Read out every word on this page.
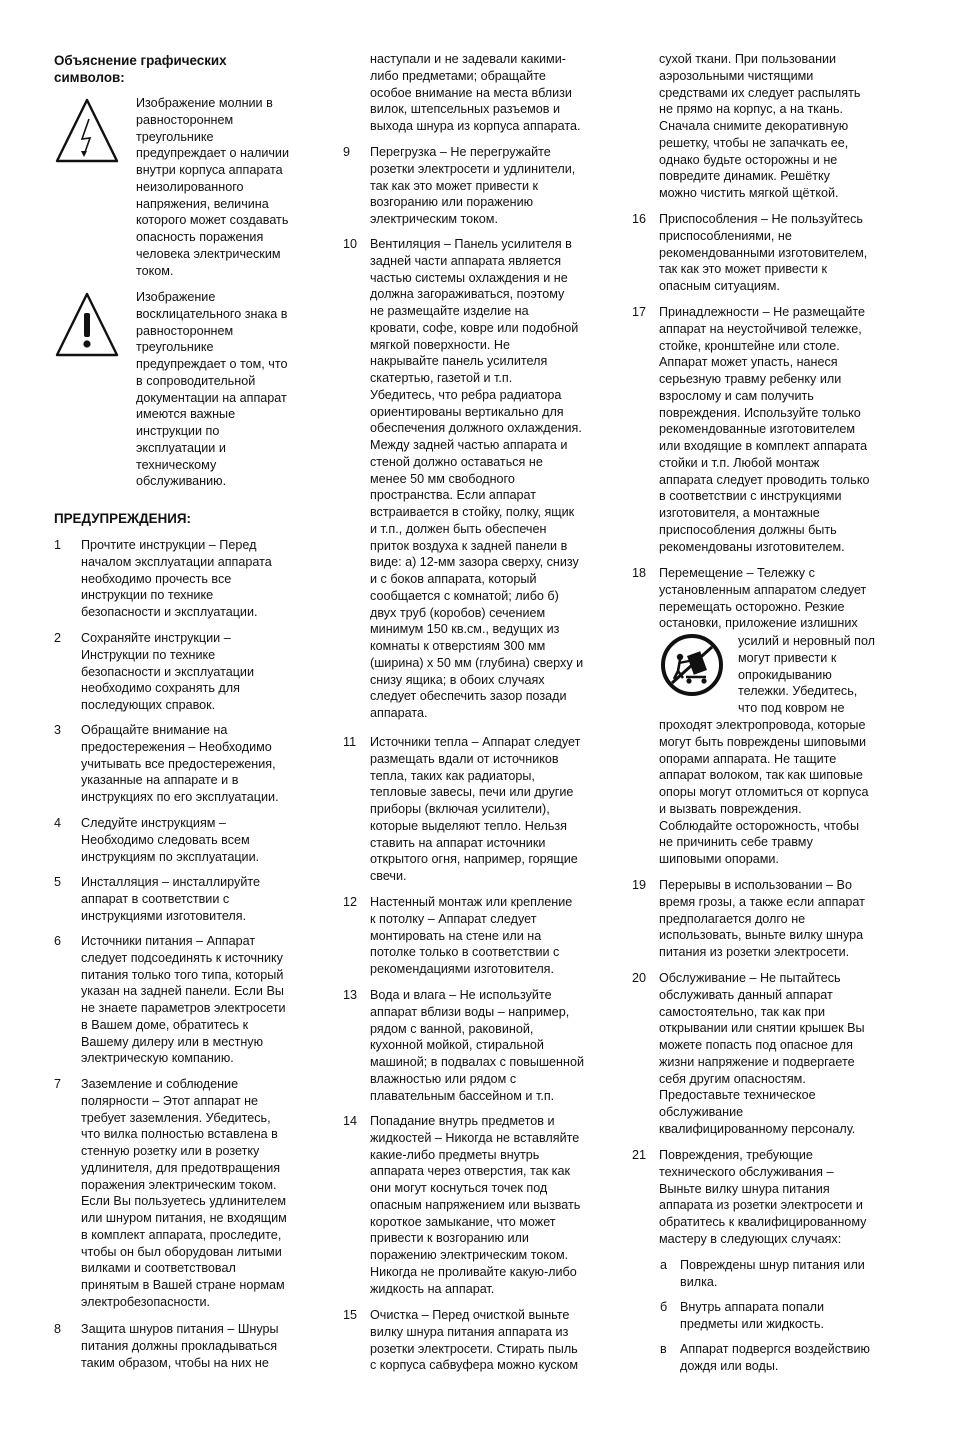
Объяснение графических
символов:
Изображение молнии в
равностороннем
треугольнике
предупреждает о наличии
внутри корпуса аппарата
неизолированного
напряжения, величина
которого может создавать
опасность поражения
человека электрическим
током.
Изображение
восклицательного знака в
равностороннем
треугольнике
предупреждает о том, что
в сопроводительной
документации на аппарат
имеются важные
инструкции по
эксплуатации и
техническому
обслуживанию.
ПРЕДУПРЕЖДЕНИЯ:
1 Прочтите инструкции – Перед
началом эксплуатации аппарата
необходимо прочесть все
инструкции по технике
безопасности и эксплуатации.
2 Сохраняйте инструкции –
Инструкции по технике
безопасности и эксплуатации
необходимо сохранять для
последующих справок.
3 Обращайте внимание на
предостережения – Необходимо
учитывать все предостережения,
указанные на аппарате и в
инструкциях по его эксплуатации.
4 Следуйте инструкциям –
Необходимо следовать всем
инструкциям по эксплуатации.
5 Инсталляция – инсталлируйте
аппарат в соответствии с
инструкциями изготовителя.
6 Источники питания – Аппарат
следует подсоединять к источнику
питания только того типа, который
указан на задней панели. Если Вы
не знаете параметров электросети
в Вашем доме, обратитесь к
Вашему дилеру или в местную
электрическую компанию.
7 Заземление и соблюдение
полярности – Этот аппарат не
требует заземления. Убедитесь,
что вилка полностью вставлена в
стенную розетку или в розетку
удлинителя, для предотвращения
поражения электрическим током.
Если Вы пользуетесь удлинителем
или шнуром питания, не входящим
в комплект аппарата, проследите,
чтобы он был оборудован литыми
вилками и соответствовал
принятым в Вашей стране нормам
электробезопасности.
8 Защита шнуров питания – Шнуры
питания должны прокладываться
таким образом, чтобы на них не
наступали и не задевали какими-
либо предметами; обращайте
особое внимание на места вблизи
вилок, штепсельных разъемов и
выхода шнура из корпуса аппарата.
9 Перегрузка – Не перегружайте
розетки электросети и удлинители,
так как это может привести к
возгоранию или поражению
электрическим током.
10 Вентиляция – Панель усилителя в
задней части аппарата является
частью системы охлаждения и не
должна загораживаться, поэтому
не размещайте изделие на
кровати, софе, ковре или подобной
мягкой поверхности. Не
накрывайте панель усилителя
скатертью, газетой и т.п.
Убедитесь, что ребра радиатора
ориентированы вертикально для
обеспечения должного охлаждения.
Между задней частью аппарата и
стеной должно оставаться не
менее 50 мм свободного
пространства. Если аппарат
встраивается в стойку, полку, ящик
и т.п., должен быть обеспечен
приток воздуха к задней панели в
виде: а) 12-мм зазора сверху, снизу
и с боков аппарата, который
сообщается с комнатой; либо б)
двух труб (коробов) сечением
минимум 150 кв.см., ведущих из
комнаты к отверстиям 300 мм
(ширина) х 50 мм (глубина) сверху и
снизу ящика; в обоих случаях
следует обеспечить зазор позади
аппарата.
11 Источники тепла – Аппарат следует
размещать вдали от источников
тепла, таких как радиаторы,
тепловые завесы, печи или другие
приборы (включая усилители),
которые выделяют тепло. Нельзя
ставить на аппарат источники
открытого огня, например, горящие
свечи.
12 Настенный монтаж или крепление
к потолку – Аппарат следует
монтировать на стене или на
потолке только в соответствии с
рекомендациями изготовителя.
13 Вода и влага – Не используйте
аппарат вблизи воды – например,
рядом с ванной, раковиной,
кухонной мойкой, стиральной
машиной; в подвалах с повышенной
влажностью или рядом с
плавательным бассейном и т.п.
14 Попадание внутрь предметов и
жидкостей – Никогда не вставляйте
какие-либо предметы внутрь
аппарата через отверстия, так как
они могут коснуться точек под
опасным напряжением или вызвать
короткое замыкание, что может
привести к возгоранию или
поражению электрическим током.
Никогда не проливайте какую-либо
жидкость на аппарат.
15 Очистка – Перед очисткой выньте
вилку шнура питания аппарата из
розетки электросети. Стирать пыль
с корпуса сабвуфера можно куском
сухой ткани. При пользовании
аэрозольными чистящими
средствами их следует распылять
не прямо на корпус, а на ткань.
Сначала снимите декоративную
решетку, чтобы не запачкать ее,
однако будьте осторожны и не
повредите динамик. Решётку
можно чистить мягкой щёткой.
16 Приспособления – Не пользуйтесь
приспособлениями, не
рекомендованными изготовителем,
так как это может привести к
опасным ситуациям.
17 Принадлежности – Не размещайте
аппарат на неустойчивой тележке,
стойке, кронштейне или столе.
Аппарат может упасть, нанеся
серьезную травму ребенку или
взрослому и сам получить
повреждения. Используйте только
рекомендованные изготовителем
или входящие в комплект аппарата
стойки и т.п. Любой монтаж
аппарата следует проводить только
в соответствии с инструкциями
изготовителя, а монтажные
приспособления должны быть
рекомендованы изготовителем.
18 Перемещение – Тележку с
установленным аппаратом следует
перемещать осторожно. Резкие
остановки, приложение излишних
усилий и неровный пол
могут привести к
опрокидыванию
тележки. Убедитесь,
что под ковром не
проходят электропровода, которые
могут быть повреждены шиповыми
опорами аппарата. Не тащите
аппарат волоком, так как шиповые
опоры могут отломиться от корпуса
и вызвать повреждения.
Соблюдайте осторожность, чтобы
не причинить себе травму
шиповыми опорами.
19 Перерывы в использовании – Во
время грозы, а также если аппарат
предполагается долго не
использовать, выньте вилку шнура
питания из розетки электросети.
20 Обслуживание – Не пытайтесь
обслуживать данный аппарат
самостоятельно, так как при
открывании или снятии крышек Вы
можете попасть под опасное для
жизни напряжение и подвергаете
себя другим опасностям.
Предоставьте техническое
обслуживание
квалифицированному персоналу.
21 Повреждения, требующие
технического обслуживания –
Выньте вилку шнура питания
аппарата из розетки электросети и
обратитесь к квалифицированному
мастеру в следующих случаях:
а Повреждены шнур питания или
вилка.
б Внутрь аппарата попали
предметы или жидкость.
в Аппарат подвергся воздействию
дождя или воды.
